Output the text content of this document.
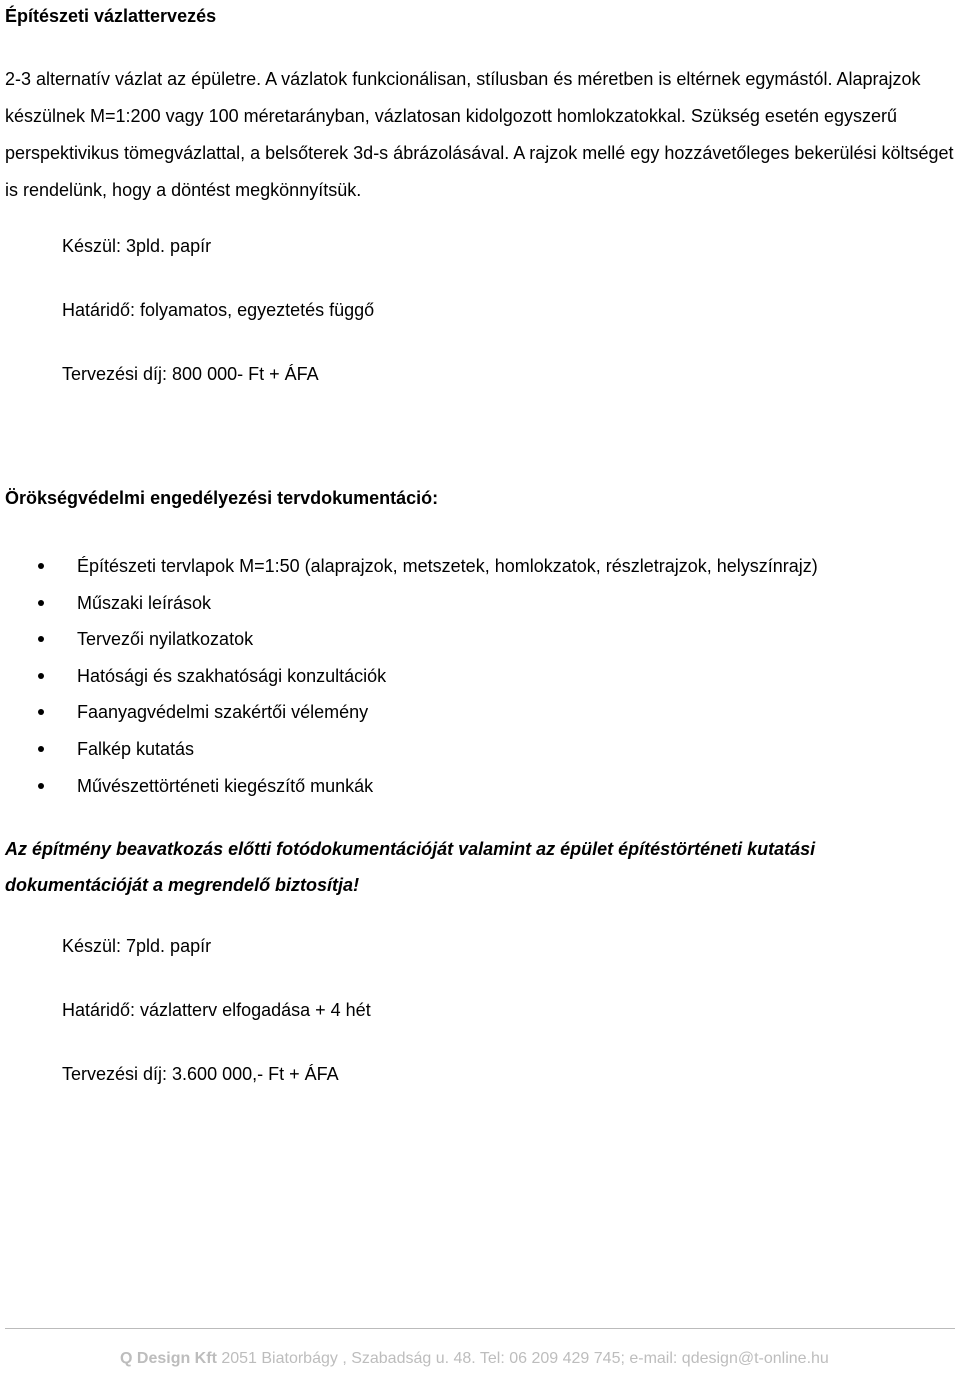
Építészeti vázlattervezés
2-3 alternatív vázlat az épületre. A vázlatok funkcionálisan, stílusban és méretben is eltérnek egymástól. Alaprajzok készülnek M=1:200 vagy 100 méretarányban, vázlatosan kidolgozott homlokzatokkal. Szükség esetén egyszerű perspektivikus tömegvázlattal, a belsőterek 3d-s ábrázolásával. A rajzok mellé egy hozzávetőleges bekerülési költséget is rendelünk, hogy a döntést megkönnyítsük.
Készül: 3pld. papír
Határidő: folyamatos, egyeztetés függő
Tervezési díj: 800 000- Ft + ÁFA
Örökségvédelmi engedélyezési tervdokumentáció:
Építészeti tervlapok M=1:50 (alaprajzok, metszetek, homlokzatok, részletrajzok, helyszínrajz)
Műszaki leírások
Tervezői nyilatkozatok
Hatósági és szakhatósági konzultációk
Faanyagvédelmi szakértői vélemény
Falkép kutatás
Művészettörténeti kiegészítő munkák
Az építmény beavatkozás előtti fotódokumentációját valamint az épület építéstörténeti kutatási dokumentációját a megrendelő biztosítja!
Készül: 7pld. papír
Határidő: vázlatterv elfogadása + 4 hét
Tervezési díj: 3.600 000,- Ft + ÁFA
Q Design Kft 2051 Biatorbágy , Szabadság u. 48. Tel: 06 209 429 745; e-mail: qdesign@t-online.hu
